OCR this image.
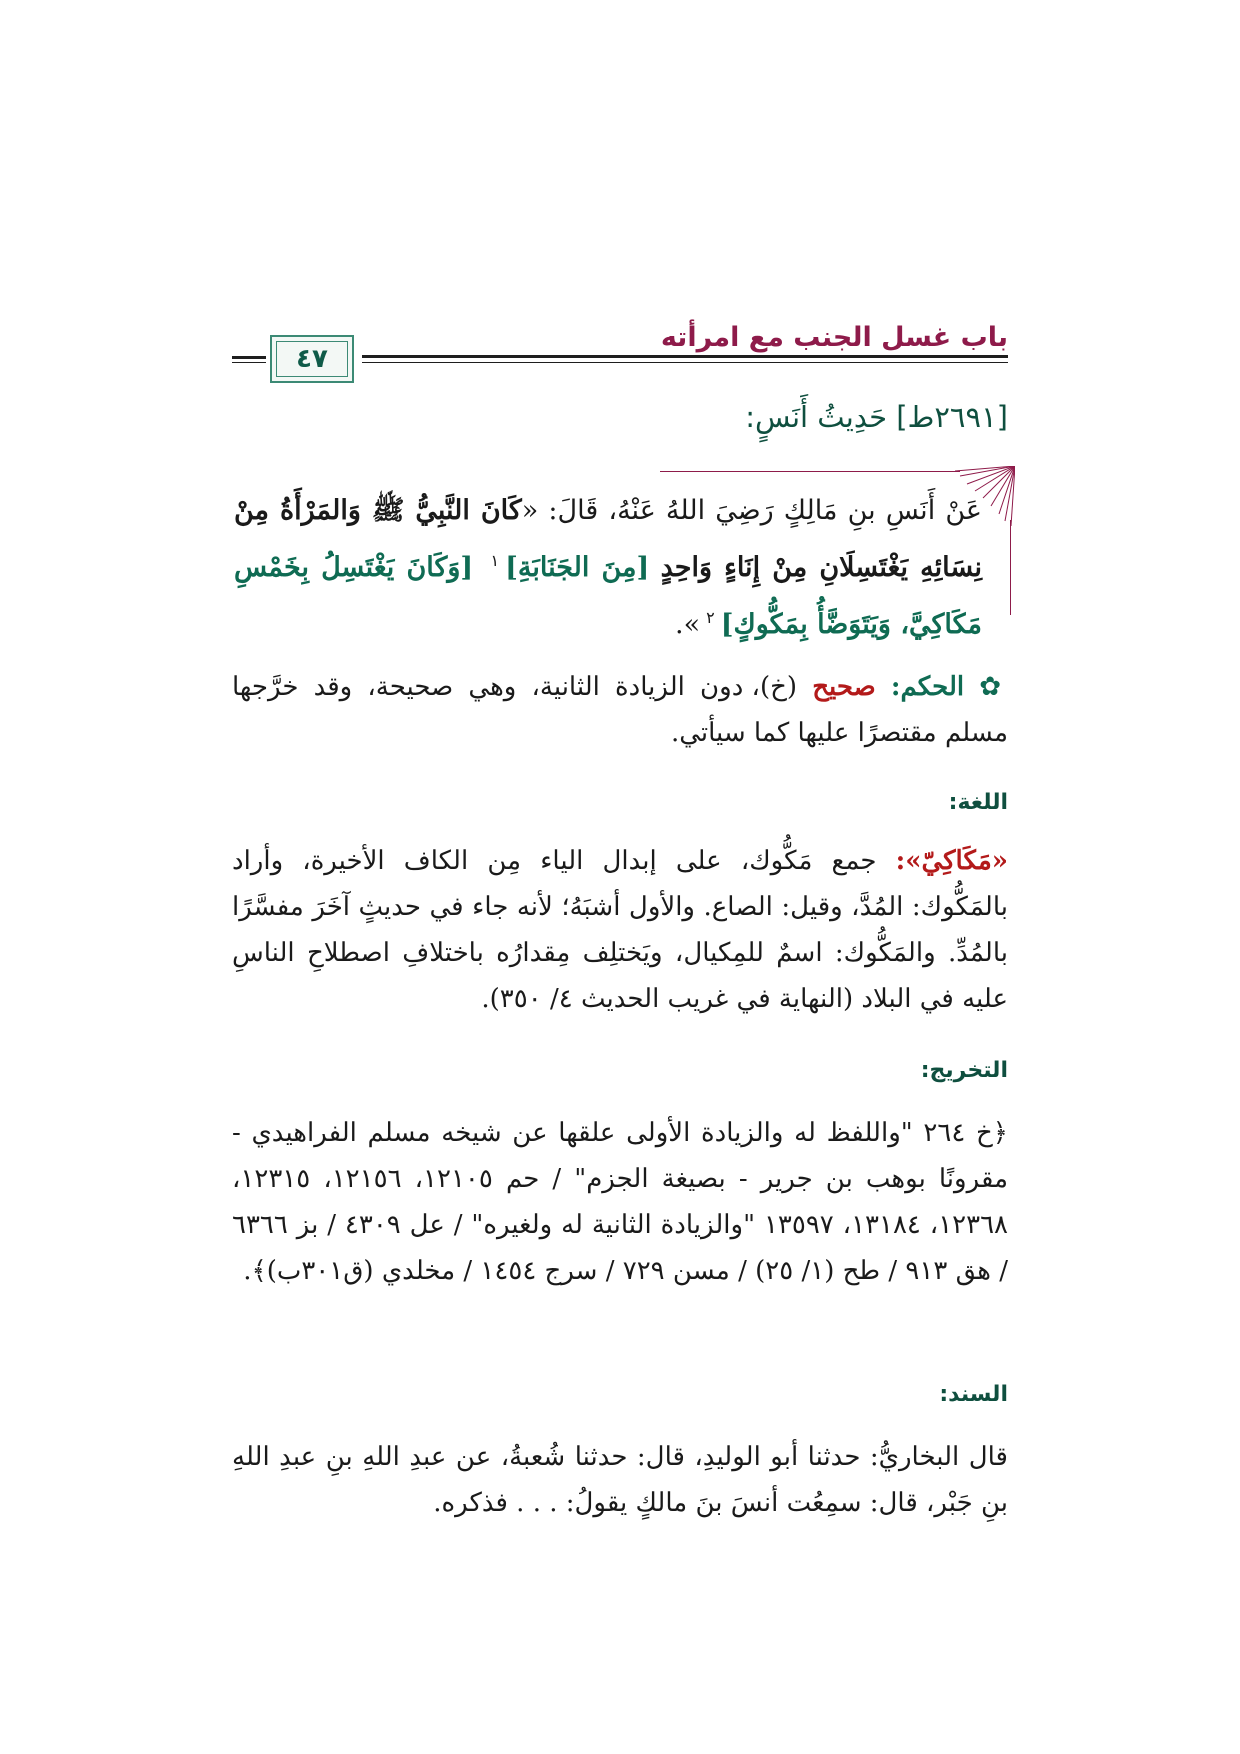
باب غسل الجنب مع امرأته
٤٧
[٢٦٩١ط] حَدِيثُ أَنَسٍ:
عَنْ أَنَسِ بنِ مَالِكٍ رَضِيَ اللهُ عَنْهُ، قَالَ: «كَانَ النَّبِيُّ ﷺ وَالمَرْأَةُ مِنْ نِسَائِهِ يَغْتَسِلَانِ مِنْ إِنَاءٍ وَاحِدٍ [مِنَ الجَنَابَةِ]$^١$ [وَكَانَ يَغْتَسِلُ بِخَمْسِ مَكَاكِيَّ، وَيَتَوَضَّأُ بِمَكُّوكٍ]$^٢$».
✿ الحكم: صحيح (خ)، دون الزيادة الثانية، وهي صحيحة، وقد خرَّجها مسلم مقتصرًا عليها كما سيأتي.
اللغة:
«مَكَاكِيّ»: جمع مَكُّوك، على إبدال الياء مِن الكاف الأخيرة، وأراد بالمَكُّوك: المُدَّ، وقيل: الصاع. والأول أشبَهُ؛ لأنه جاء في حديثٍ آخَرَ مفسَّرًا بالمُدِّ. والمَكُّوك: اسمٌ للمِكيال، ويَختلِف مِقدارُه باختلافِ اصطلاحِ الناسِ عليه في البلاد (النهاية في غريب الحديث ٤/ ٣٥٠).
التخريج:
﴿خ ٢٦٤ "واللفظ له والزيادة الأولى علقها عن شيخه مسلم الفراهيدي - مقرونًا بوهب بن جرير - بصيغة الجزم" / حم ١٢١٠٥، ١٢١٥٦، ١٢٣١٥، ١٢٣٦٨، ١٣١٨٤، ١٣٥٩٧ "والزيادة الثانية له ولغيره" / عل ٤٣٠٩ / بز ٦٣٦٦ / هق ٩١٣ / طح (١/ ٢٥) / مسن ٧٢٩ / سرج ١٤٥٤ / مخلدي (ق٣٠١ب)﴾.
السند:
قال البخاريُّ: حدثنا أبو الوليدِ، قال: حدثنا شُعبةُ، عن عبدِ اللهِ بنِ عبدِ اللهِ بنِ جَبْر، قال: سمِعُت أنسَ بنَ مالكٍ يقولُ: . . . فذكره.
